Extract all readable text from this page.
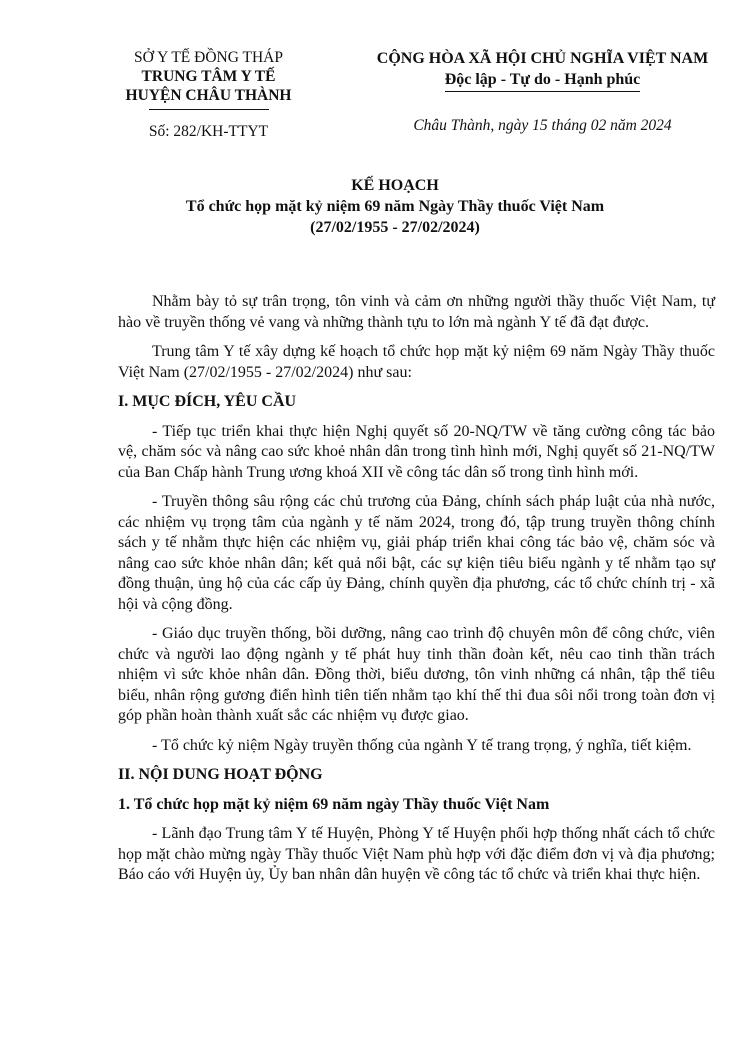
SỞ Y TẾ ĐỒNG THÁP
TRUNG TÂM Y TẾ
HUYỆN CHÂU THÀNH
Số: 282/KH-TTYT
CỘNG HÒA XÃ HỘI CHỦ NGHĨA VIỆT NAM
Độc lập - Tự do - Hạnh phúc
Châu Thành, ngày 15 tháng 02 năm 2024
KẾ HOẠCH
Tổ chức họp mặt kỷ niệm 69 năm Ngày Thầy thuốc Việt Nam
(27/02/1955 - 27/02/2024)

Nhằm bày tỏ sự trân trọng, tôn vinh và cảm ơn những người thầy thuốc Việt Nam, tự hào về truyền thống vẻ vang và những thành tựu to lớn mà ngành Y tế đã đạt được.

Trung tâm Y tế xây dựng kế hoạch tổ chức họp mặt kỷ niệm 69 năm Ngày Thầy thuốc Việt Nam (27/02/1955 - 27/02/2024) như sau:

I. MỤC ĐÍCH, YÊU CẦU

- Tiếp tục triển khai thực hiện Nghị quyết số 20-NQ/TW về tăng cường công tác bảo vệ, chăm sóc và nâng cao sức khoẻ nhân dân trong tình hình mới, Nghị quyết số 21-NQ/TW của Ban Chấp hành Trung ương khoá XII về công tác dân số trong tình hình mới.

- Truyền thông sâu rộng các chủ trương của Đảng, chính sách pháp luật của nhà nước, các nhiệm vụ trọng tâm của ngành y tế năm 2024, trong đó, tập trung truyền thông chính sách y tế nhằm thực hiện các nhiệm vụ, giải pháp triển khai công tác bảo vệ, chăm sóc và nâng cao sức khỏe nhân dân; kết quả nổi bật, các sự kiện tiêu biểu ngành y tế nhằm tạo sự đồng thuận, ủng hộ của các cấp ủy Đảng, chính quyền địa phương, các tổ chức chính trị - xã hội và cộng đồng.

- Giáo dục truyền thống, bồi dưỡng, nâng cao trình độ chuyên môn để công chức, viên chức và người lao động ngành y tế phát huy tinh thần đoàn kết, nêu cao tinh thần trách nhiệm vì sức khỏe nhân dân. Đồng thời, biểu dương, tôn vinh những cá nhân, tập thể tiêu biểu, nhân rộng gương điển hình tiên tiến nhằm tạo khí thế thi đua sôi nổi trong toàn đơn vị góp phần hoàn thành xuất sắc các nhiệm vụ được giao.

- Tổ chức kỷ niệm Ngày truyền thống của ngành Y tế trang trọng, ý nghĩa, tiết kiệm.

II. NỘI DUNG HOẠT ĐỘNG
1. Tổ chức họp mặt kỷ niệm 69 năm ngày Thầy thuốc Việt Nam

- Lãnh đạo Trung tâm Y tế Huyện, Phòng Y tế Huyện phối hợp thống nhất cách tổ chức họp mặt chào mừng ngày Thầy thuốc Việt Nam phù hợp với đặc điểm đơn vị và địa phương; Báo cáo với Huyện ủy, Ủy ban nhân dân huyện về công tác tổ chức và triển khai thực hiện.
